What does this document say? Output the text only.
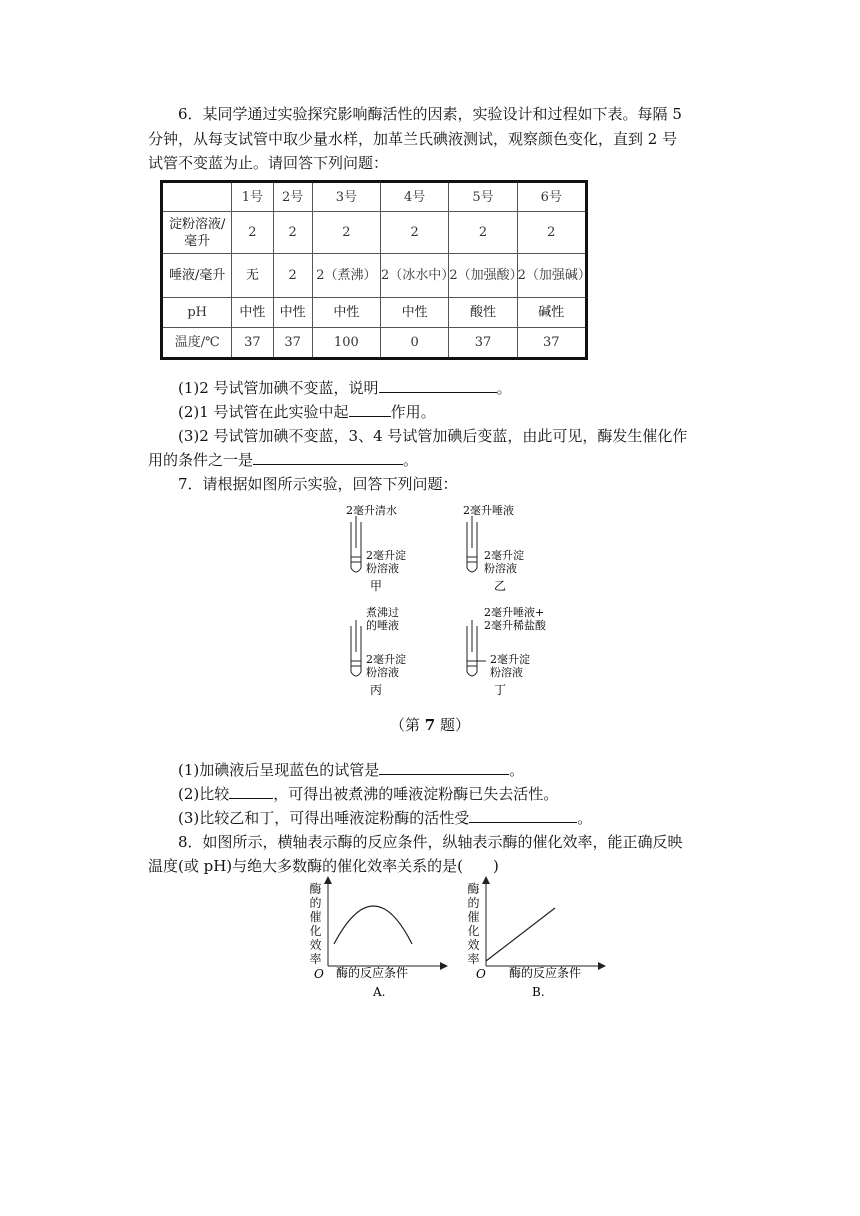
6．某同学通过实验探究影响酶活性的因素，实验设计和过程如下表。每隔 5
分钟，从每支试管中取少量水样，加革兰氏碘液测试，观察颜色变化，直到 2 号
试管不变蓝为止。请回答下列问题：
	1号	2号	3号	4号	5号	6号
淀粉溶液/毫升	2	2	2	2	2	2
唾液/毫升	无	2	2（煮沸）	2（冰水中）	2（加强酸）	2（加强碱）
pH	中性	中性	中性	中性	酸性	碱性
温度/℃	37	37	100	0	37	37
(1)2 号试管加碘不变蓝，说明	。
(2)1 号试管在此实验中起	作用。
(3)2 号试管加碘不变蓝，3、4 号试管加碘后变蓝，由此可见，酶发生催化作
用的条件之一是	。
7．请根据如图所示实验，回答下列问题：
2毫升清水
2毫升淀
粉溶液
甲
2毫升唾液
2毫升淀
粉溶液
乙
煮沸过
的唾液
2毫升淀
粉溶液
丙
2毫升唾液+
2毫升稀盐酸
2毫升淀
粉溶液
丁
（第 7 题）
(1)加碘液后呈现蓝色的试管是	。
(2)比较	，可得出被煮沸的唾液淀粉酶已失去活性。
(3)比较乙和丁，可得出唾液淀粉酶的活性受	。
8．如图所示，横轴表示酶的反应条件，纵轴表示酶的催化效率，能正确反映
温度(或 pH)与绝大多数酶的催化效率关系的是(　　)
O 酶的反应条件
A.
O 酶的反应条件
B.
酶的催化效率
酶的催化效率
